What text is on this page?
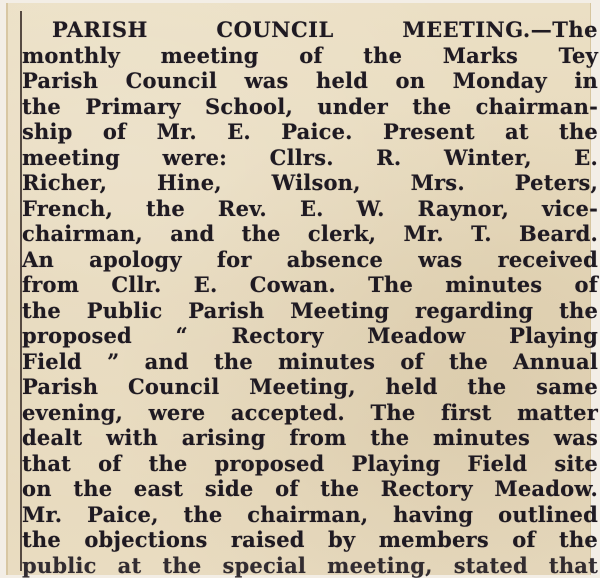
PARISH COUNCIL MEETING.—The
monthly meeting of the Marks Tey
Parish Council was held on Monday in
the Primary School, under the chairman-
ship of Mr. E. Paice. Present at the
meeting were: Cllrs. R. Winter, E.
Richer, Hine, Wilson, Mrs. Peters,
French, the Rev. E. W. Raynor, vice-
chairman, and the clerk, Mr. T. Beard.
An apology for absence was received
from Cllr. E. Cowan. The minutes of
the Public Parish Meeting regarding the
proposed “ Rectory Meadow Playing
Field ” and the minutes of the Annual
Parish Council Meeting, held the same
evening, were accepted. The first matter
dealt with arising from the minutes was
that of the proposed Playing Field site
on the east side of the Rectory Meadow.
Mr. Paice, the chairman, having outlined
the objections raised by members of the
public at the special meeting, stated that
